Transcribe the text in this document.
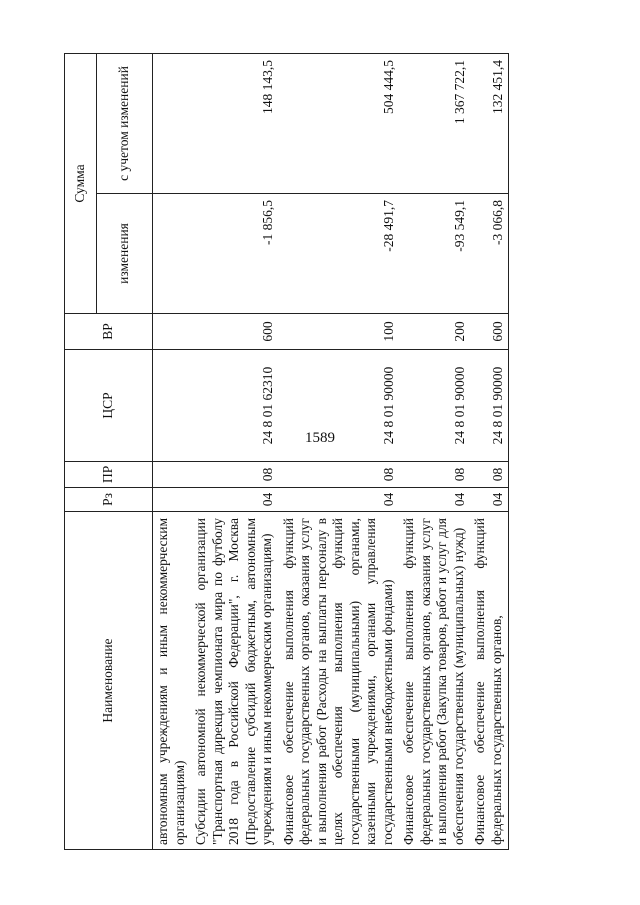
1589
Наименование	Рз	ПР	ЦСР	ВР	Сумма	
					изменения	с учетом изменений
автономным учреждениям и иным некоммерческим организациям)						
Субсидии автономной некоммерческой организации "Транспортная дирекция чемпионата мира по футболу 2018 года в Российской Федерации", г. Москва (Предоставление субсидий бюджетным, автономным учреждениям и иным некоммерческим организациям)	04	08	24 8 01 62310	600	-1 856,5	148 143,5
Финансовое обеспечение выполнения функций федеральных государственных органов, оказания услуг и выполнения работ (Расходы на выплаты персоналу в целях обеспечения выполнения функций государственными (муниципальными) органами, казенными учреждениями, органами управления государственными внебюджетными фондами)	04	08	24 8 01 90000	100	-28 491,7	504 444,5
Финансовое обеспечение выполнения функций федеральных государственных органов, оказания услуг и выполнения работ (Закупка товаров, работ и услуг для обеспечения государственных (муниципальных) нужд)	04	08	24 8 01 90000	200	-93 549,1	1 367 722,1
Финансовое обеспечение выполнения функций федеральных государственных органов,	04	08	24 8 01 90000	600	-3 066,8	132 451,4
